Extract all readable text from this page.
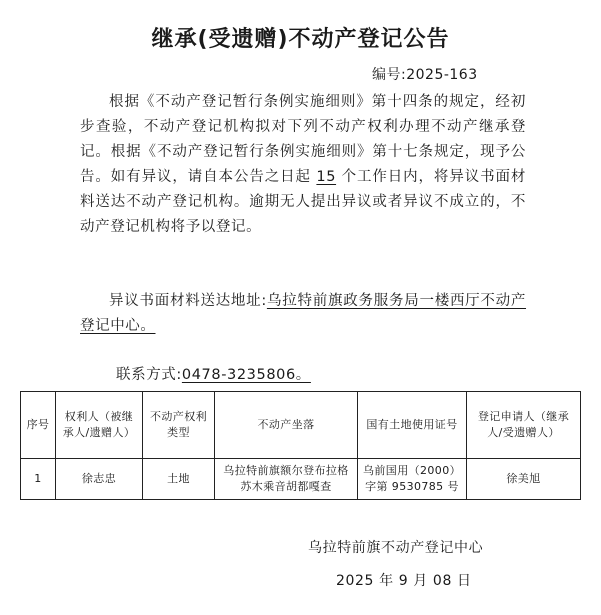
继承(受遗赠)不动产登记公告
编号:2025-163
根据《不动产登记暂行条例实施细则》第十四条的规定，经初步查验，不动产登记机构拟对下列不动产权利办理不动产继承登记。根据《不动产登记暂行条例实施细则》第十七条规定，现予公告。如有异议，请自本公告之日起 15 个工作日内，将异议书面材料送达不动产登记机构。逾期无人提出异议或者异议不成立的，不动产登记机构将予以登记。
异议书面材料送达地址:乌拉特前旗政务服务局一楼西厅不动产登记中心。
联系方式:0478-3235806。
序号	权利人（被继承人/遗赠人）	不动产权利类型	不动产坐落	国有土地使用证号	登记申请人（继承人/受遗赠人）
1	徐志忠	土地	乌拉特前旗额尔登布拉格苏木乘音胡都嘎查	乌前国用（2000）字第 9530785 号	徐美旭
乌拉特前旗不动产登记中心
2025 年 9 月 08 日
